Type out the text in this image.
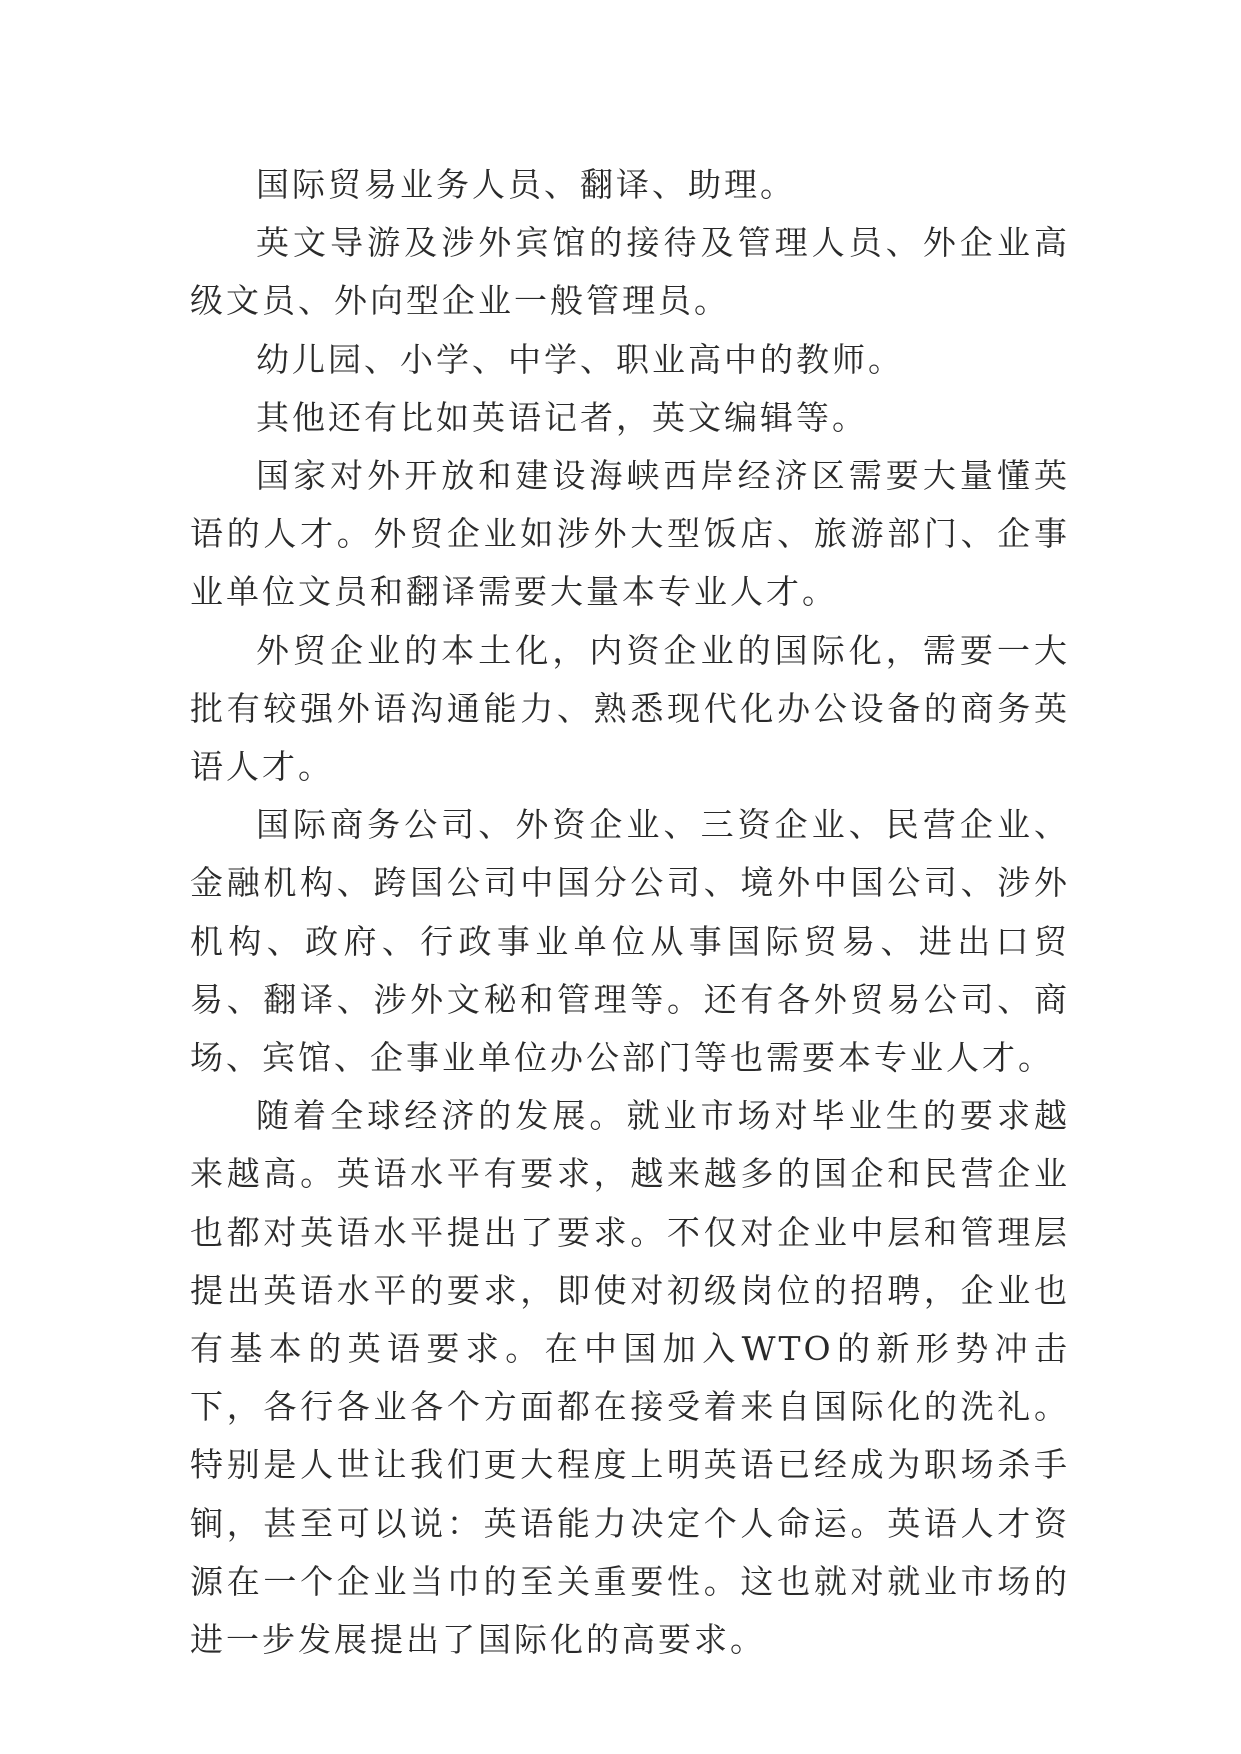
国际贸易业务人员、翻译、助理。

英文导游及涉外宾馆的接待及管理人员、外企业高级文员、外向型企业一般管理员。

幼儿园、小学、中学、职业高中的教师。

其他还有比如英语记者，英文编辑等。

国家对外开放和建设海峡西岸经济区需要大量懂英语的人才。外贸企业如涉外大型饭店、旅游部门、企事业单位文员和翻译需要大量本专业人才。

外贸企业的本土化，内资企业的国际化，需要一大批有较强外语沟通能力、熟悉现代化办公设备的商务英语人才。

国际商务公司、外资企业、三资企业、民营企业、金融机构、跨国公司中国分公司、境外中国公司、涉外机构、政府、行政事业单位从事国际贸易、进出口贸易、翻译、涉外文秘和管理等。还有各外贸易公司、商场、宾馆、企事业单位办公部门等也需要本专业人才。

随着全球经济的发展。就业市场对毕业生的要求越来越高。英语水平有要求，越来越多的国企和民营企业也都对英语水平提出了要求。不仅对企业中层和管理层提出英语水平的要求，即使对初级岗位的招聘，企业也有基本的英语要求。在中国加入WTO的新形势冲击下，各行各业各个方面都在接受着来自国际化的洗礼。特别是人世让我们更大程度上明英语已经成为职场杀手锏，甚至可以说：英语能力决定个人命运。英语人才资源在一个企业当巾的至关重要性。这也就对就业市场的进一步发展提出了国际化的高要求。
